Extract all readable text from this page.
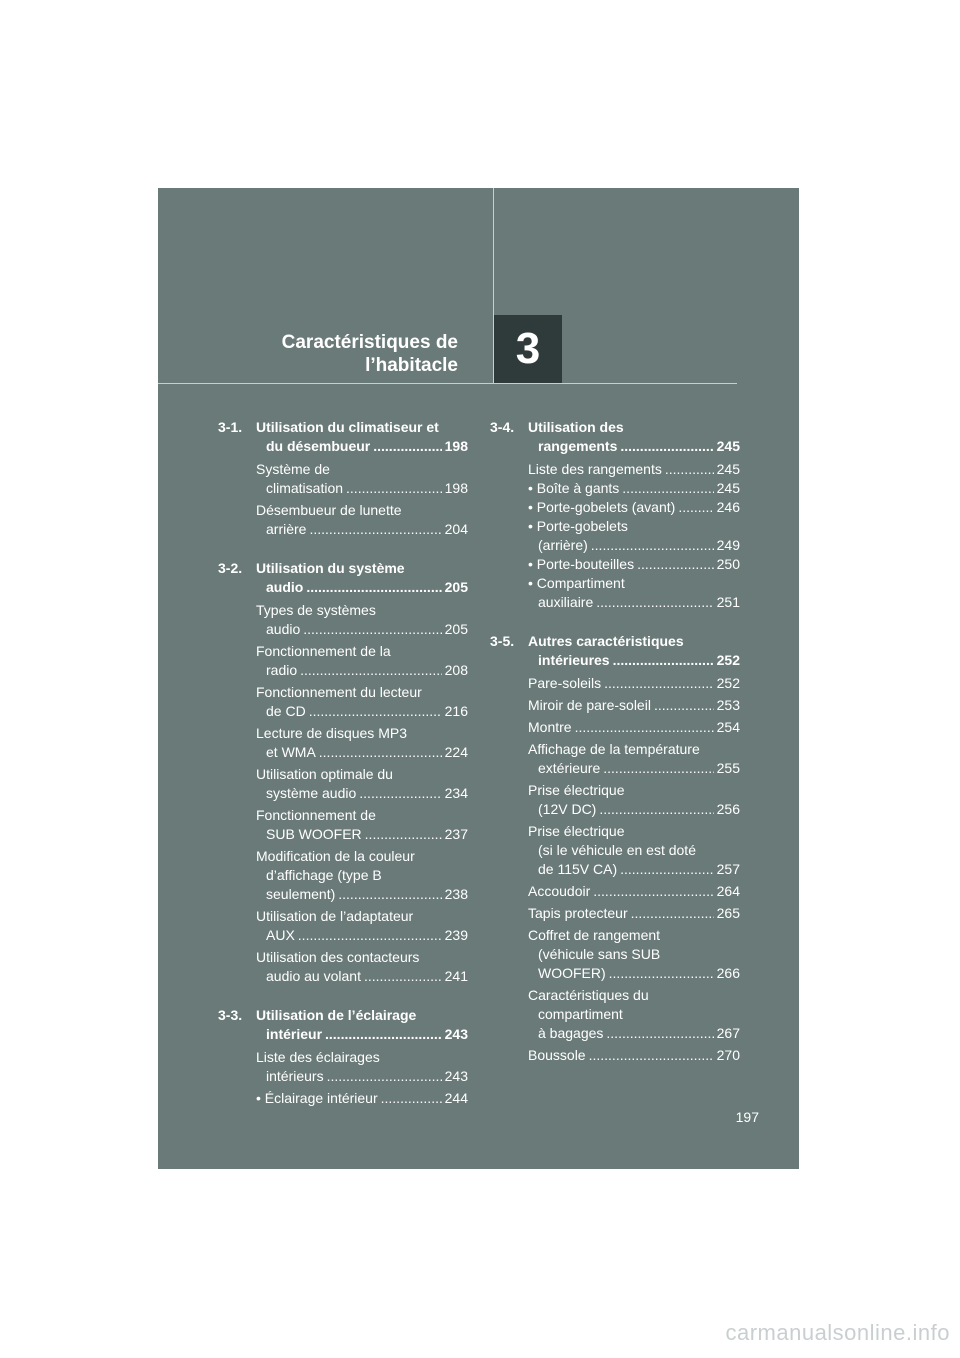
Caractéristiques de
l’habitacle 3
3-1. Utilisation du climatiseur et
du désembueur .....	198
Système de
climatisation .....	198
Désembueur de lunette
arrière .....	204
3-2. Utilisation du système
audio .....	205
Types de systèmes
audio .....	205
Fonctionnement de la
radio .....	208
Fonctionnement du lecteur
de CD .....	216
Lecture de disques MP3
et WMA .....	224
Utilisation optimale du
système audio .....	234
Fonctionnement de
SUB WOOFER .....	237
Modification de la couleur
d’affichage (type B
seulement) .....	238
Utilisation de l’adaptateur
AUX .....	239
Utilisation des contacteurs
audio au volant .....	241
3-3. Utilisation de l’éclairage
intérieur .....	243
Liste des éclairages
intérieurs .....	243
• Éclairage intérieur .....	244
3-4. Utilisation des
rangements .....	245
Liste des rangements .....	245
• Boîte à gants .....	245
• Porte-gobelets (avant) .....	246
• Porte-gobelets
(arrière) .....	249
• Porte-bouteilles .....	250
• Compartiment
auxiliaire .....	251
3-5. Autres caractéristiques
intérieures .....	252
Pare-soleils .....	252
Miroir de pare-soleil .....	253
Montre .....	254
Affichage de la température
extérieure .....	255
Prise électrique
(12V DC) .....	256
Prise électrique
(si le véhicule en est doté
de 115V CA) .....	257
Accoudoir .....	264
Tapis protecteur .....	265
Coffret de rangement
(véhicule sans SUB
WOOFER) .....	266
Caractéristiques du
compartiment
à bagages .....	267
Boussole .....	270
197
carmanualsonline.info
